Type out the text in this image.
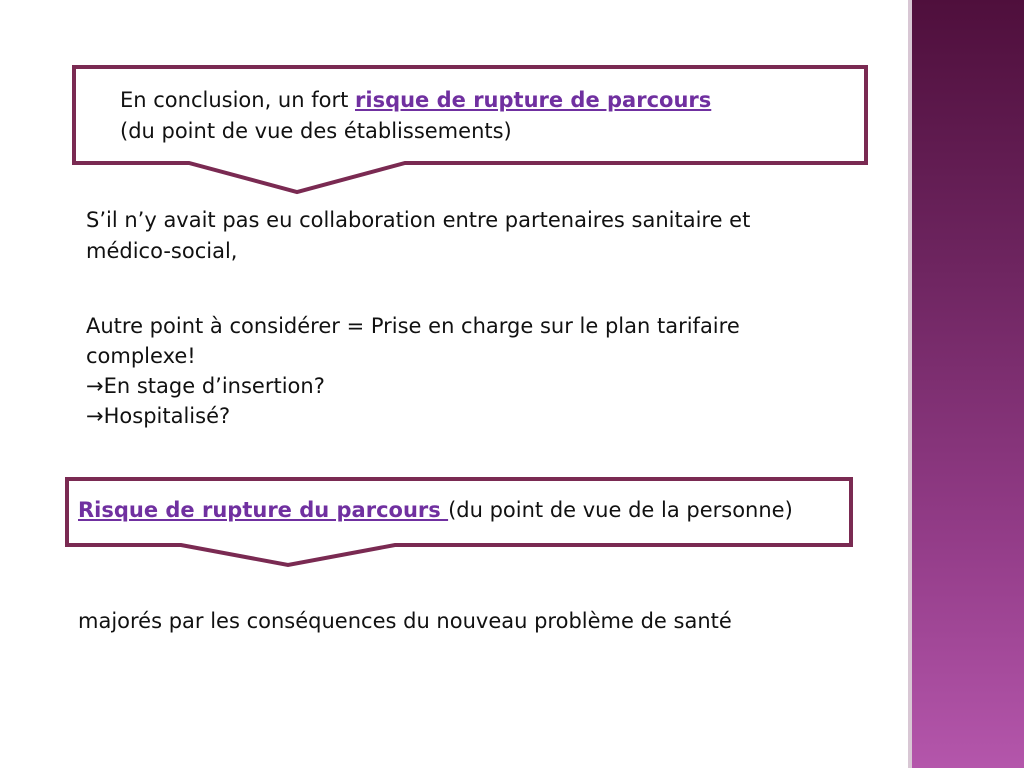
En conclusion, un fort risque de rupture de parcours
(du point de vue des établissements)
S’il n’y avait pas eu collaboration entre partenaires sanitaire et
médico-social,
Autre point à considérer = Prise en charge sur le plan tarifaire
complexe!
→En stage d’insertion?
→Hospitalisé?
Risque de rupture du parcours (du point de vue de la personne)
majorés par les conséquences du nouveau problème de santé
